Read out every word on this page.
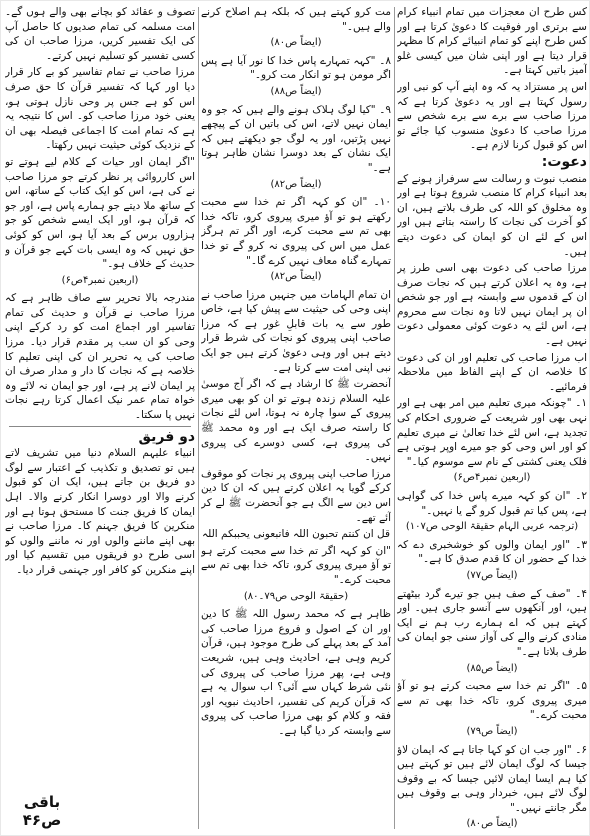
کس طرح ان معجزات میں تمام انبیاء کرام سے برتری اور فوقیت کا دعویٰ کرتا ہے اور کس طرح اپنے کو تمام انبیائے کرام کا مظہر قرار دیتا ہے اور اپنی شان میں کیسی غلو آمیز باتیں کہتا ہے۔

اس پر مستزاد یہ کہ وہ اپنے آپ کو نبی اور رسول کہتا ہے اور یہ دعویٰ کرتا ہے کہ مرزا صاحب سے برے سے برے شخص سے مرزا صاحب کا دعویٰ منسوب کیا جائے تو اس کو قبول کرنا لازم ہے۔

دعوت:

منصب نبوت و رسالت سے سرفراز ہونے کے بعد انبیاء کرام کا منصب شروع ہوتا ہے اور وہ مخلوق کو اللہ کی طرف بلاتے ہیں، ان کو آخرت کی نجات کا راستہ بتاتے ہیں اور اس کے لئے ان کو ایمان کی دعوت دیتے ہیں۔

مرزا صاحب کی دعوت بھی اسی طرز پر ہے، وہ یہ اعلان کرتے ہیں کہ نجات صرف ان کے قدموں سے وابستہ ہے اور جو شخص ان پر ایمان نہیں لاتا وہ نجات سے محروم ہے، اس لئے یہ دعوت کوئی معمولی دعوت نہیں ہے۔

اب مرزا صاحب کی تعلیم اور ان کی دعوت کا خلاصہ ان کے اپنے الفاظ میں ملاحظہ فرمائیے۔

۱۔ "چونکہ میری تعلیم میں امر بھی ہے اور نہی بھی اور شریعت کے ضروری احکام کی تجدید ہے، اس لئے خدا تعالیٰ نے میری تعلیم کو اور اس وحی کو جو میرے اوپر ہوتی ہے فلک یعنی کشتی کے نام سے موسوم کیا۔"

(اربعین نمبر۴ص۶)

۲۔ "ان کو کہہ میرے پاس خدا کی گواہی ہے، پس کیا تم قبول کرو گے یا نہیں۔"

(ترجمہ عربی الہام حقیقۃ الوحی ص۱۰۷)

۳۔ "اور ایمان والوں کو خوشخبری دے کہ خدا کے حضور ان کا قدم صدق کا ہے۔"

(ایضاً ص۷۷)

۴۔ "صف کے صف ہیں جو تیرے گرد بیٹھتے ہیں، اور آنکھوں سے آنسو جاری ہیں۔ اور کہتے ہیں کہ اے ہمارے رب ہم نے ایک منادی کرنے والے کی آواز سنی جو ایمان کی طرف بلاتا ہے۔"

(ایضاً ص۸۵)

۵۔ "اگر تم خدا سے محبت کرتے ہو تو آؤ میری پیروی کرو، تاکہ خدا بھی تم سے محبت کرے۔"

(ایضاً ص۷۹)

۶۔ "اور جب ان کو کہا جاتا ہے کہ ایمان لاؤ جیسا کہ لوگ ایمان لائے ہیں تو کہتے ہیں کیا ہم ایسا ایمان لائیں جیسا کہ بے وقوف لوگ لائے ہیں، خبردار وہی بے وقوف ہیں مگر جانتے نہیں۔"

(ایضاً ص۸۰)

مت کرو کہتے ہیں کہ بلکہ ہم اصلاح کرنے والے ہیں۔"

(ایضاً ص۸۰)

۸۔ "کہہ تمہارے پاس خدا کا نور آیا ہے پس اگر مومن ہو تو انکار مت کرو۔"

(ایضاً ص۸۸)

۹۔ "کیا لوگ ہلاک ہونے والے ہیں کہ جو وہ ایمان نہیں لاتے، اس کی باتیں ان کے پیچھے نہیں پڑتیں، اور یہ لوگ جو دیکھتے ہیں کہ ایک نشان کے بعد دوسرا نشان ظاہر ہوتا ہے۔"

(ایضاً ص۸۲)

۱۰۔ "ان کو کہہ اگر تم خدا سے محبت رکھتے ہو تو آؤ میری پیروی کرو، تاکہ خدا بھی تم سے محبت کرے، اور اگر تم ہرگز عمل میں اس کی پیروی نہ کرو گے تو خدا تمہارے گناہ معاف نہیں کرے گا۔"

(ایضاً ص۸۲)

ان تمام الہامات میں جنہیں مرزا صاحب نے اپنی وحی کی حیثیت سے پیش کیا ہے، خاص طور سے یہ بات قابلِ غور ہے کہ مرزا صاحب اپنی پیروی کو نجات کی شرط قرار دیتے ہیں اور وہی دعویٰ کرتے ہیں جو ایک نبی اپنی امت سے کرتا ہے۔

آنحضرت ﷺ کا ارشاد ہے کہ اگر آج موسیٰ علیہ السلام زندہ ہوتے تو ان کو بھی میری پیروی کے سوا چارہ نہ ہوتا، اس لئے نجات کا راستہ صرف ایک ہے اور وہ محمد ﷺ کی پیروی ہے، کسی دوسرے کی پیروی نہیں۔

مرزا صاحب اپنی پیروی پر نجات کو موقوف کرکے گویا یہ اعلان کرتے ہیں کہ ان کا دین اس دین سے الگ ہے جو آنحضرت ﷺ لے کر آئے تھے۔

قل ان کنتم تحبون اللہ فاتبعونی یحببکم اللہ

"ان کو کہہ اگر تم خدا سے محبت کرتے ہو تو آؤ میری پیروی کرو، تاکہ خدا بھی تم سے محبت کرے۔"

(حقیقۃ الوحی ص۷۹۔۸۰)

ظاہر ہے کہ محمد رسول اللہ ﷺ کا دین اور ان کے اصول و فروع مرزا صاحب کی آمد کے بعد پہلے کی طرح موجود ہیں، قرآن کریم وہی ہے، احادیث وہی ہیں، شریعت وہی ہے، پھر مرزا صاحب کی پیروی کی نئی شرط کہاں سے آئی؟ اب سوال یہ ہے کہ قرآن کریم کی تفسیر، احادیث نبویہ اور فقہ و کلام کو بھی مرزا صاحب کی پیروی سے وابستہ کر دیا گیا ہے۔

تصوف و عقائد کو بچانے بھی والے ہوں گے۔ امت مسلمہ کی تمام صدیوں کا حاصل آپ کی ایک تفسیر کریں، مرزا صاحب ان کی کسی تفسیر کو تسلیم نہیں کرتے۔

مرزا صاحب نے تمام تفاسیر کو بے کار قرار دیا اور کہا کہ تفسیر قرآن کا حق صرف اس کو ہے جس پر وحی نازل ہوتی ہو، یعنی خود مرزا صاحب کو۔ اس کا نتیجہ یہ ہے کہ تمام امت کا اجماعی فیصلہ بھی ان کے نزدیک کوئی حیثیت نہیں رکھتا۔

"اگر ایمان اور حیات کے کلام لیے ہوتے تو اس کارروائی پر نظر کرتے جو مرزا صاحب نے کی ہے، اس کو ایک کتاب کے ساتھ، اس کے ساتھ ملا دیتے جو ہمارے پاس ہے، اور جو کہ قرآن ہو، اور ایک ایسے شخص کو جو ہزاروں برس کے بعد آیا ہو، اس کو کوئی حق نہیں کہ وہ ایسی بات کہے جو قرآن و حدیث کے خلاف ہو۔"

(اربعین نمبر۴ص۶)

مندرجہ بالا تحریر سے صاف ظاہر ہے کہ مرزا صاحب نے قرآن و حدیث کی تمام تفاسیر اور اجماع امت کو رد کرکے اپنی وحی کو ان سب پر مقدم قرار دیا۔ مرزا صاحب کی یہ تحریر ان کی اپنی تعلیم کا خلاصہ ہے کہ نجات کا دار و مدار صرف ان پر ایمان لانے پر ہے، اور جو ایمان نہ لائے وہ خواہ تمام عمر نیک اعمال کرتا رہے نجات نہیں پا سکتا۔

دو فریق

انبیاء علیہم السلام دنیا میں تشریف لاتے ہیں تو تصدیق و تکذیب کے اعتبار سے لوگ دو فریق بن جاتے ہیں، ایک ان کو قبول کرنے والا اور دوسرا انکار کرنے والا۔ اہل ایمان کا فریق جنت کا مستحق ہوتا ہے اور منکرین کا فریق جہنم کا۔ مرزا صاحب نے بھی اپنے ماننے والوں اور نہ ماننے والوں کو اسی طرح دو فریقوں میں تقسیم کیا اور اپنے منکرین کو کافر اور جہنمی قرار دیا۔

باقی ص۴۶
